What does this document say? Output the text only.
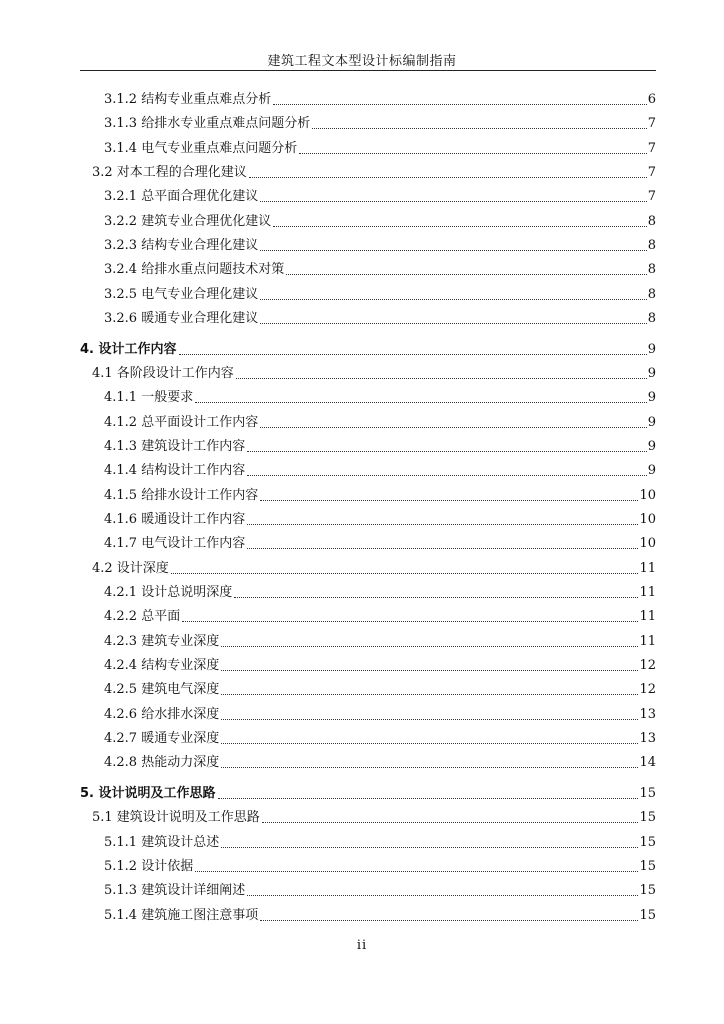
建筑工程文本型设计标编制指南
3.1.2 结构专业重点难点分析	6
3.1.3 给排水专业重点难点问题分析	7
3.1.4 电气专业重点难点问题分析	7
3.2 对本工程的合理化建议	7
3.2.1 总平面合理优化建议	7
3.2.2 建筑专业合理优化建议	8
3.2.3 结构专业合理化建议	8
3.2.4 给排水重点问题技术对策	8
3.2.5 电气专业合理化建议	8
3.2.6 暖通专业合理化建议	8
4. 设计工作内容	9
4.1 各阶段设计工作内容	9
4.1.1 一般要求	9
4.1.2 总平面设计工作内容	9
4.1.3 建筑设计工作内容	9
4.1.4 结构设计工作内容	9
4.1.5 给排水设计工作内容	10
4.1.6 暖通设计工作内容	10
4.1.7 电气设计工作内容	10
4.2 设计深度	11
4.2.1 设计总说明深度	11
4.2.2 总平面	11
4.2.3 建筑专业深度	11
4.2.4 结构专业深度	12
4.2.5 建筑电气深度	12
4.2.6 给水排水深度	13
4.2.7 暖通专业深度	13
4.2.8 热能动力深度	14
5. 设计说明及工作思路	15
5.1 建筑设计说明及工作思路	15
5.1.1 建筑设计总述	15
5.1.2 设计依据	15
5.1.3 建筑设计详细阐述	15
5.1.4 建筑施工图注意事项	15
ii
